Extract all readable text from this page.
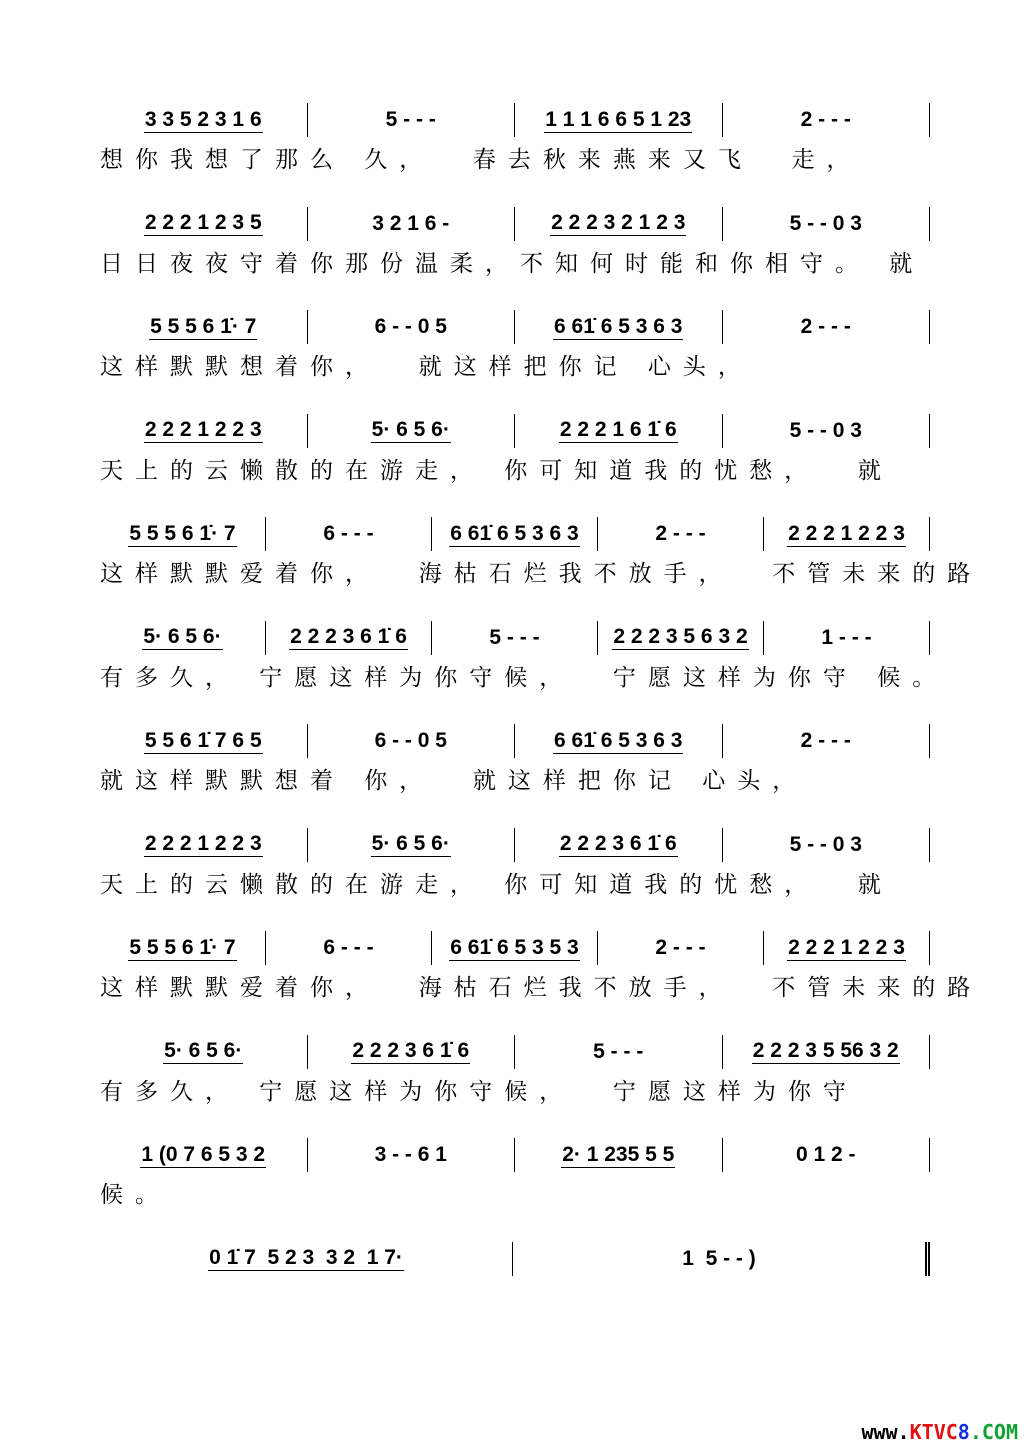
3 3 5 2 3 1 6	5 - - -	1 1 1 6 6 5 1 23	2 - - -
想你我想了那么 久，  春去秋来燕来又飞  走，
2 2 2 1 2 3 5	3 2 1 6 -	2 2 2 3 2 1 2 3	5 - - 0 3
日日夜夜守着你那份温柔，不知何时能和你相守。 就
5 5 5 6 1̇· 7	6 - - 0 5	6 61̇ 6 5 3 6 3	2 - - -
这样默默想着你，  就这样把你记 心头，
2 2 2 1 2 2 3	5· 6 5 6·	2 2 2 1 6 1̇ 6	5 - - 0 3
天上的云懒散的在游走， 你可知道我的忧愁，  就
5 5 5 6 1̇· 7	6 - - -	6 61̇ 6 5 3 6 3	2 - - -	2 2 2 1 2 2 3
这样默默爱着你，  海枯石烂我不放手，  不管未来的路
5· 6 5 6·	2 2 2 3 6 1̇ 6	5 - - -	2 2 2 3 5 6 3 2	1 - - -
有多久， 宁愿这样为你守候，  宁愿这样为你守 候。
5 5 6 1̇ 7 6 5	6 - - 0 5	6 61̇ 6 5 3 6 3	2 - - -
就这样默默想着 你，  就这样把你记 心头，
2 2 2 1 2 2 3	5· 6 5 6·	2 2 2 3 6 1̇ 6	5 - - 0 3
天上的云懒散的在游走， 你可知道我的忧愁，  就
5 5 5 6 1̇· 7	6 - - -	6 61̇ 6 5 3 5 3	2 - - -	2 2 2 1 2 2 3
这样默默爱着你，  海枯石烂我不放手，  不管未来的路
5· 6 5 6·	2 2 2 3 6 1̇ 6	5 - - -	2 2 2 3 5 56 3 2
有多久， 宁愿这样为你守候，  宁愿这样为你守
1 (0 7 6 5 3 2	3 - - 6 1	2· 1 235 5 5	0 1 2 -
候。
0 1̇ 7  5 2 3  3 2  1 7·	1  5 - - )
www.KTVC8.COM
